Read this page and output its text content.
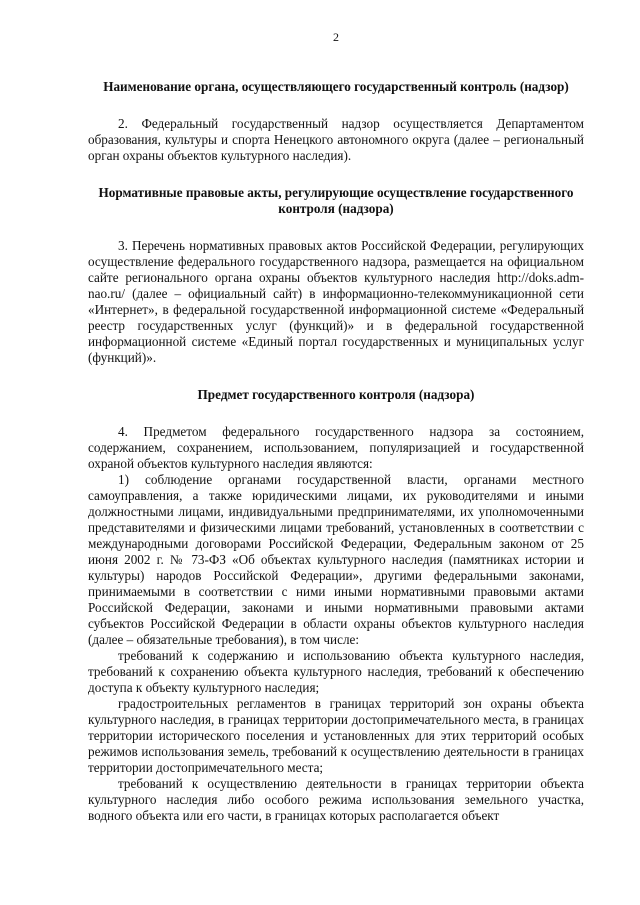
2
Наименование органа, осуществляющего государственный контроль (надзор)

2. Федеральный государственный надзор осуществляется Департаментом образования, культуры и спорта Ненецкого автономного округа (далее – региональный орган охраны объектов культурного наследия).

Нормативные правовые акты, регулирующие осуществление государственного контроля (надзора)

3. Перечень нормативных правовых актов Российской Федерации, регулирующих осуществление федерального государственного надзора, размещается на официальном сайте регионального органа охраны объектов культурного наследия http://doks.adm-nao.ru/ (далее – официальный сайт) в информационно-телекоммуникационной сети «Интернет», в федеральной государственной информационной системе «Федеральный реестр государственных услуг (функций)» и в федеральной государственной информационной системе «Единый портал государственных и муниципальных услуг (функций)».

Предмет государственного контроля (надзора)

4. Предметом федерального государственного надзора за состоянием, содержанием, сохранением, использованием, популяризацией и государственной охраной объектов культурного наследия являются:

1) соблюдение органами государственной власти, органами местного самоуправления, а также юридическими лицами, их руководителями и иными должностными лицами, индивидуальными предпринимателями, их уполномоченными представителями и физическими лицами требований, установленных в соответствии с международными договорами Российской Федерации, Федеральным законом от 25 июня 2002 г. № 73-ФЗ «Об объектах культурного наследия (памятниках истории и культуры) народов Российской Федерации», другими федеральными законами, принимаемыми в соответствии с ними иными нормативными правовыми актами Российской Федерации, законами и иными нормативными правовыми актами субъектов Российской Федерации в области охраны объектов культурного наследия (далее – обязательные требования), в том числе:

требований к содержанию и использованию объекта культурного наследия, требований к сохранению объекта культурного наследия, требований к обеспечению доступа к объекту культурного наследия;

градостроительных регламентов в границах территорий зон охраны объекта культурного наследия, в границах территории достопримечательного места, в границах территории исторического поселения и установленных для этих территорий особых режимов использования земель, требований к осуществлению деятельности в границах территории достопримечательного места;

требований к осуществлению деятельности в границах территории объекта культурного наследия либо особого режима использования земельного участка, водного объекта или его части, в границах которых располагается объект
